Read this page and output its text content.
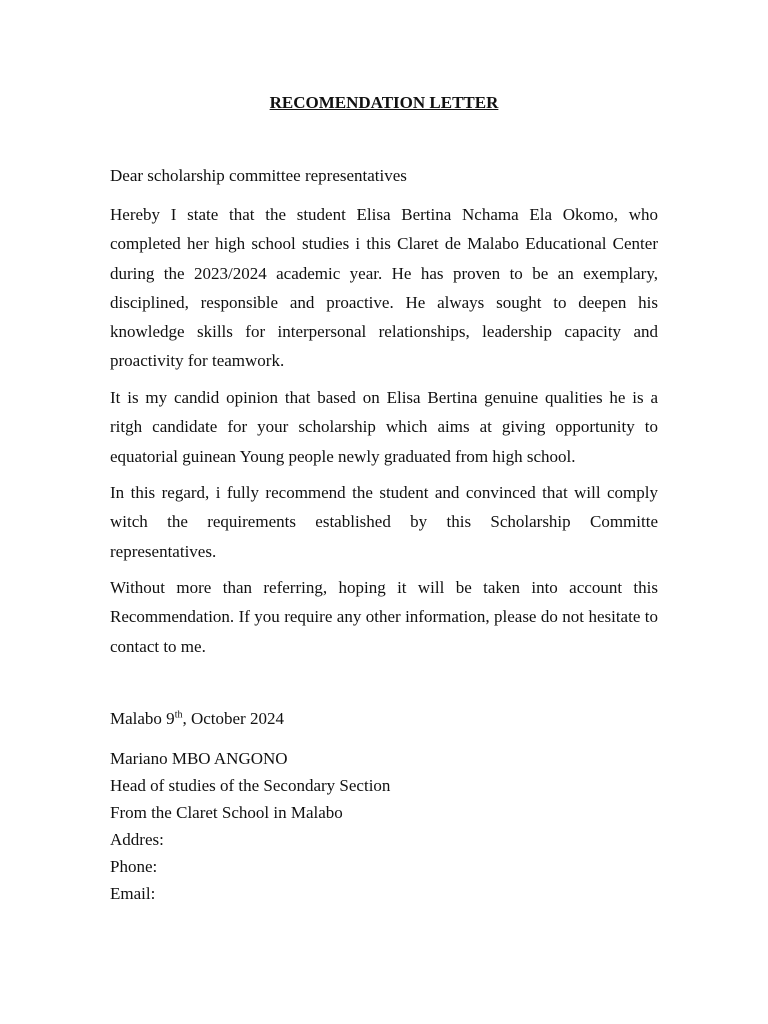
RECOMENDATION LETTER
Dear scholarship committee representatives

Hereby I state that the student Elisa Bertina Nchama Ela Okomo, who completed her high school studies i this Claret de Malabo Educational Center during the 2023/2024 academic year. He has proven to be an exemplary, disciplined, responsible and proactive. He always sought to deepen his knowledge skills for interpersonal relationships, leadership capacity and proactivity for teamwork.

It is my candid opinion that based on Elisa Bertina genuine qualities he is a ritgh candidate for your scholarship which aims at giving opportunity to equatorial guinean Young people newly graduated from high school.

In this regard, i fully recommend the student and convinced that will comply witch the requirements established by this Scholarship Committe representatives.

Without more than referring, hoping it will be taken into account this Recommendation. If you require any other information, please do not hesitate to contact to me.

Malabo 9th, October 2024
Mariano MBO ANGONO
Head of studies of the Secondary Section
From the Claret School in Malabo
Addres:
Phone:
Email:
